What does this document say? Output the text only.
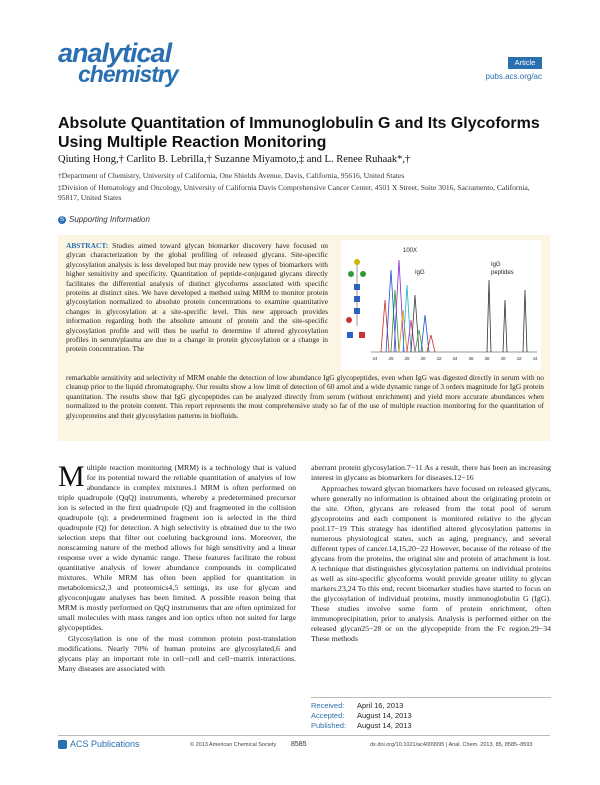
analytical
chemistry	Article
pubs.acs.org/ac
Absolute Quantitation of Immunoglobulin G and Its Glycoforms Using Multiple Reaction Monitoring
Qiuting Hong,† Carlito B. Lebrilla,† Suzanne Miyamoto,‡ and L. Renee Ruhaak*,†
†Department of Chemistry, University of California, One Shields Avenue, Davis, California, 95616, United States
‡Division of Hematology and Oncology, University of California Davis Comprehensive Cancer Center, 4501 X Street, Suite 3016, Sacramento, California, 95817, United States
S Supporting Information
ABSTRACT: Studies aimed toward glycan biomarker discovery have focused on glycan characterization by the global profiling of released glycans. Site-specific glycosylation analysis is less developed but may provide new types of biomarkers with higher sensitivity and specificity. Quantitation of peptide-conjugated glycans directly facilitates the differential analysis of distinct glycoforms associated with specific proteins at distinct sites. We have developed a method using MRM to monitor protein glycosylation normalized to absolute protein concentrations to examine quantitative changes in glycosylation at a site-specific level. This new approach provides information regarding both the absolute amount of protein and the site-specific glycosylation profile and will thus be useful to determine if altered glycosylation profiles in serum/plasma are due to a change in protein glycosylation or a change in protein concentration. The
100X
IgG
IgG
peptides
24 26 28 30 32 34 36 38 40 42 44
remarkable sensitivity and selectivity of MRM enable the detection of low abundance IgG glycopeptides, even when IgG was digested directly in serum with no cleanup prior to the liquid chromatography. Our results show a low limit of detection of 60 amol and a wide dynamic range of 3 orders magnitude for IgG protein quantitation. The results show that IgG glycopeptides can be analyzed directly from serum (without enrichment) and yield more accurate abundances when normalized to the protein content. This report represents the most comprehensive study so far of the use of multiple reaction monitoring for the quantitation of glycoproteins and their glycosylation patterns in biofluids.
Multiple reaction monitoring (MRM) is a technology that is valued for its potential toward the reliable quantitation of analytes of low abundance in complex mixtures.1 MRM is often performed on triple quadrupole (QqQ) instruments, whereby a predetermined precursor ion is selected in the first quadrupole (Q) and fragmented in the collision quadrupole (q); a predetermined fragment ion is selected in the third quadrupole (Q) for detection. A high selectivity is obtained due to the two selection steps that filter out coeluting background ions. Moreover, the nonscanning nature of the method allows for high sensitivity and a linear response over a wide dynamic range. These features facilitate the robust quantitative analysis of lower abundance compounds in complicated mixtures. While MRM has often been applied for quantitation in metabolomics2,3 and proteomics4,5 settings, its use for glycan and glycoconjugate analyses has been limited. A possible reason being that MRM is mostly performed on QqQ instruments that are often optimized for small molecules with mass ranges and ion optics often not suited for large glycopeptides.
Glycosylation is one of the most common protein post-translation modifications. Nearly 70% of human proteins are glycosylated,6 and glycans play an important role in cell−cell and cell−matrix interactions. Many diseases are associated with
aberrant protein glycosylation.7−11 As a result, there has been an increasing interest in glycans as biomarkers for diseases.12−16
Approaches toward glycan biomarkers have focused on released glycans, where generally no information is obtained about the originating protein or the site. Often, glycans are released from the total pool of serum glycoproteins and each component is monitored relative to the glycan pool.17−19 This strategy has identified altered glycosylation patterns in numerous physiological states, such as aging, pregnancy, and several different types of cancer.14,15,20−22 However, because of the release of the glycans from the proteins, the original site and protein of attachment is lost. A technique that distinguishes glycosylation patterns on individual proteins as well as site-specific glycoforms would provide greater utility to glycan markers.23,24 To this end, recent biomarker studies have started to focus on the glycosylation of individual proteins, mostly immunoglobulin G (IgG). These studies involve some form of protein enrichment, often immunoprecipitation, prior to analysis. Analysis is performed either on the released glycan25−28 or on the glycopeptide from the Fc region.29−34 These methods
Received: April 16, 2013
Accepted: August 14, 2013
Published: August 14, 2013
ACS Publications	© 2013 American Chemical Society 8585	dx.doi.org/10.1021/ac4009995 | Anal. Chem. 2013, 85, 8585−8593
